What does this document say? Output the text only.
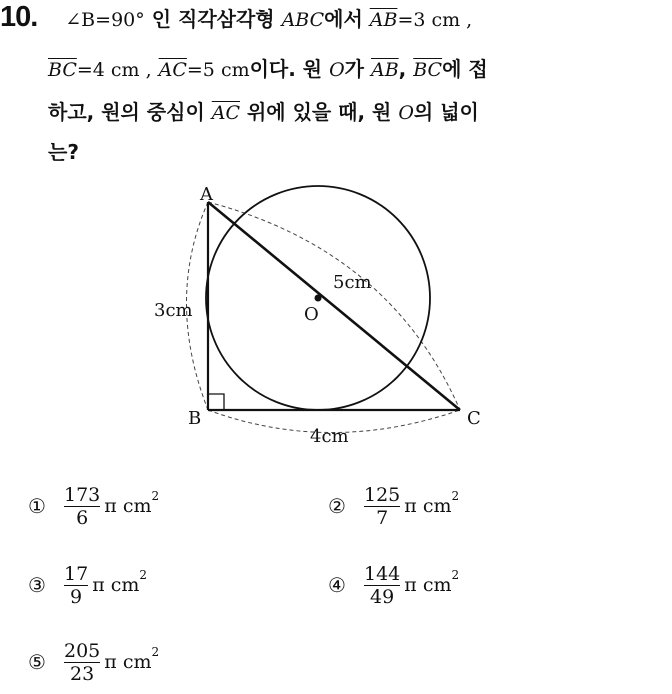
10. ∠B=90° 인 직각삼각형 ABC에서 $\overline{AB}=3$ cm ,
$\overline{BC}=4$ cm , $\overline{AC}=5$ cm이다. 원 O가 $\overline{AB}$, $\overline{BC}$에 접
하고, 원의 중심이 $\overline{AC}$ 위에 있을 때, 원 O의 넓이
는?
A
B	C
O
3cm
4cm
5cm
① $\frac{173}{6}$ π $cm^2$	② $\frac{125}{7}$ π $cm^2$
③ $\frac{17}{9}$ π $cm^2$	④ $\frac{144}{49}$ π $cm^2$
⑤ $\frac{205}{23}$ π $cm^2$
